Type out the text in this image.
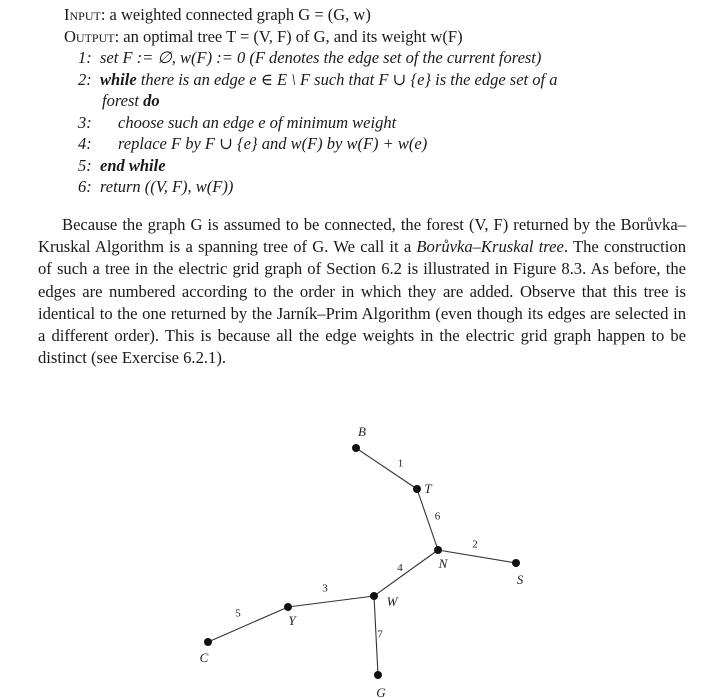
Input: a weighted connected graph G = (G, w)
Output: an optimal tree T = (V, F) of G, and its weight w(F)
1: set F := ∅, w(F) := 0 (F denotes the edge set of the current forest)
2: while there is an edge e ∈ E \ F such that F ∪ {e} is the edge set of a
forest do
3: choose such an edge e of minimum weight
4: replace F by F ∪ {e} and w(F) by w(F) + w(e)
5: end while
6: return ((V, F), w(F))
Because the graph G is assumed to be connected, the forest (V, F) returned by the Borůvka–Kruskal Algorithm is a spanning tree of G. We call it a Borůvka–Kruskal tree. The construction of such a tree in the electric grid graph of Section 6.2 is illustrated in Figure 8.3. As before, the edges are numbered according to the order in which they are added. Observe that this tree is identical to the one returned by the Jarník–Prim Algorithm (even though its edges are selected in a different order). This is because all the edge weights in the electric grid graph happen to be distinct (see Exercise 6.2.1).
1
2
3
4
5
6
7
B
T
N
S
W
Y
C
G
